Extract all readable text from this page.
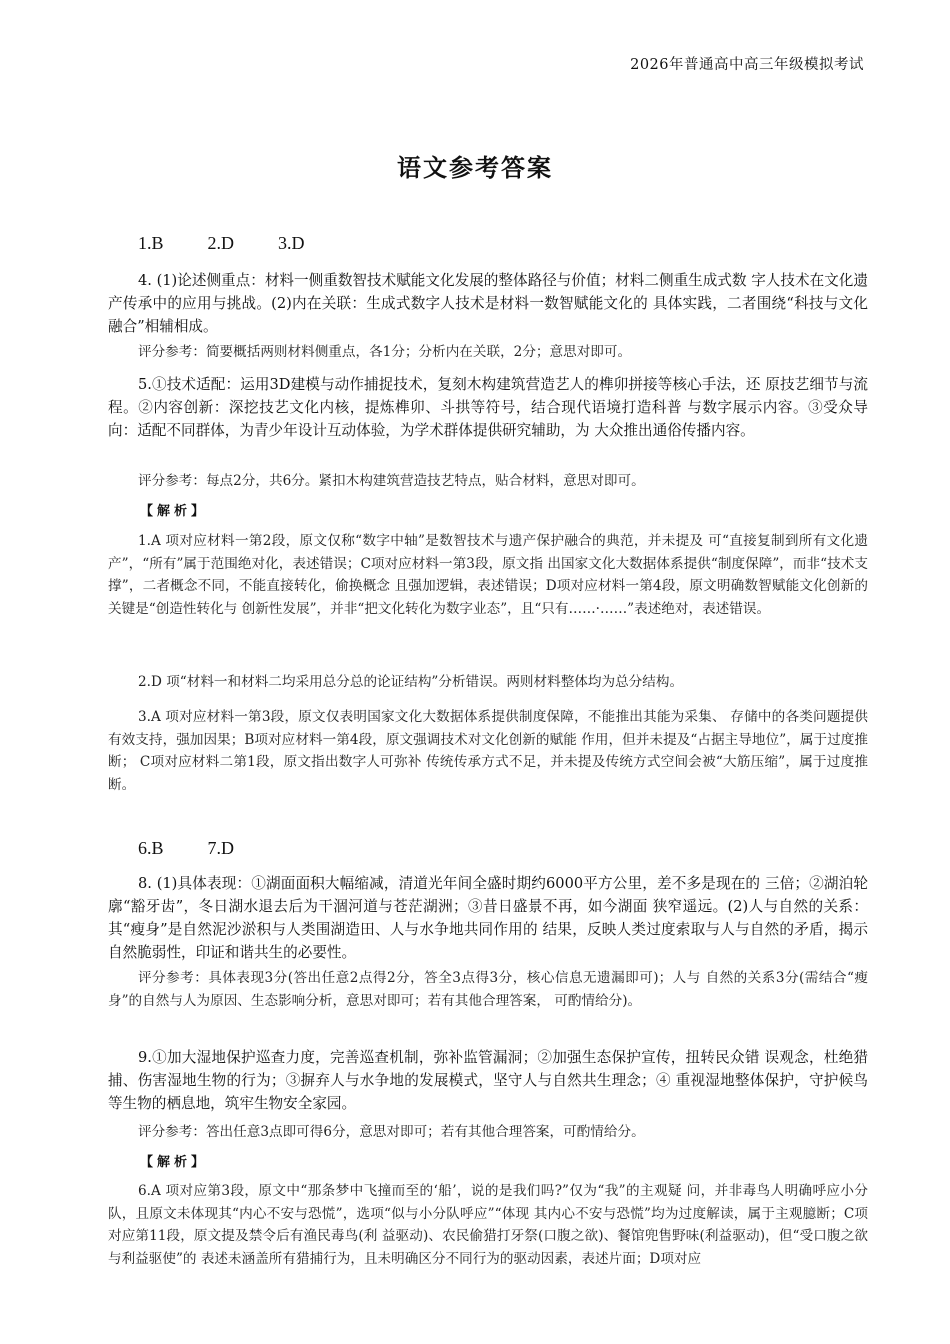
2026年普通高中高三年级模拟考试
语文参考答案
1.B 2.D 3.D

4. (1)论述侧重点：材料一侧重数智技术赋能文化发展的整体路径与价值；材料二侧重生成式数 字人技术在文化遗产传承中的应用与挑战。(2)内在关联：生成式数字人技术是材料一数智赋能文化的 具体实践，二者围绕“科技与文化融合”相辅相成。

评分参考：简要概括两则材料侧重点，各1分；分析内在关联，2分；意思对即可。

5.①技术适配：运用3D建模与动作捕捉技术，复刻木构建筑营造艺人的榫卯拼接等核心手法，还 原技艺细节与流程。②内容创新：深挖技艺文化内核，提炼榫卯、斗拱等符号，结合现代语境打造科普 与数字展示内容。③受众导向：适配不同群体，为青少年设计互动体验，为学术群体提供研究辅助，为 大众推出通俗传播内容。

评分参考：每点2分，共6分。紧扣木构建筑营造技艺特点，贴合材料，意思对即可。

【解析】

1.A 项对应材料一第2段，原文仅称“数字中轴”是数智技术与遗产保护融合的典范，并未提及 可“直接复制到所有文化遗产”，“所有”属于范围绝对化，表述错误；C项对应材料一第3段，原文指 出国家文化大数据体系提供“制度保障”，而非“技术支撑”，二者概念不同，不能直接转化，偷换概念 且强加逻辑，表述错误；D项对应材料一第4段，原文明确数智赋能文化创新的关键是“创造性转化与 创新性发展”，并非“把文化转化为数字业态”，且“只有……·……”表述绝对，表述错误。

2.D 项“材料一和材料二均采用总分总的论证结构”分析错误。两则材料整体均为总分结构。

3.A 项对应材料一第3段，原文仅表明国家文化大数据体系提供制度保障，不能推出其能为采集、 存储中的各类问题提供有效支持，强加因果；B项对应材料一第4段，原文强调技术对文化创新的赋能 作用，但并未提及“占据主导地位”，属于过度推断； C项对应材料二第1段，原文指出数字人可弥补 传统传承方式不足，并未提及传统方式空间会被“大筋压缩”，属于过度推断。

6.B 7.D

8. (1)具体表现：①湖面面积大幅缩减，清道光年间全盛时期约6000平方公里，差不多是现在的 三倍；②湖泊轮廓“豁牙齿”，冬日湖水退去后为干涸河道与苍茫湖洲；③昔日盛景不再，如今湖面 狭窄遥远。(2)人与自然的关系：其“瘦身”是自然泥沙淤积与人类围湖造田、人与水争地共同作用的 结果，反映人类过度索取与人与自然的矛盾，揭示自然脆弱性，印证和谐共生的必要性。

评分参考：具体表现3分(答出任意2点得2分，答全3点得3分，核心信息无遗漏即可)；人与 自然的关系3分(需结合“瘦身”的自然与人为原因、生态影响分析，意思对即可；若有其他合理答案， 可酌情给分)。

9.①加大湿地保护巡查力度，完善巡查机制，弥补监管漏洞；②加强生态保护宣传，扭转民众错 误观念，杜绝猎捕、伤害湿地生物的行为；③摒弃人与水争地的发展模式，坚守人与自然共生理念；④ 重视湿地整体保护，守护候鸟等生物的栖息地，筑牢生物安全家园。

评分参考：答出任意3点即可得6分，意思对即可；若有其他合理答案，可酌情给分。

【解析】

6.A 项对应第3段，原文中“那条梦中飞撞而至的‘船’，说的是我们吗?”仅为“我”的主观疑 问，并非毒鸟人明确呼应小分队，且原文未体现其“内心不安与恐慌”，选项“似与小分队呼应”“体现 其内心不安与恐慌”均为过度解读，属于主观臆断；C项对应第11段，原文提及禁令后有渔民毒鸟(利 益驱动)、农民偷猎打牙祭(口腹之欲)、餐馆兜售野味(利益驱动)，但“受口腹之欲与利益驱使”的 表述未涵盖所有猎捕行为，且未明确区分不同行为的驱动因素，表述片面；D项对应
